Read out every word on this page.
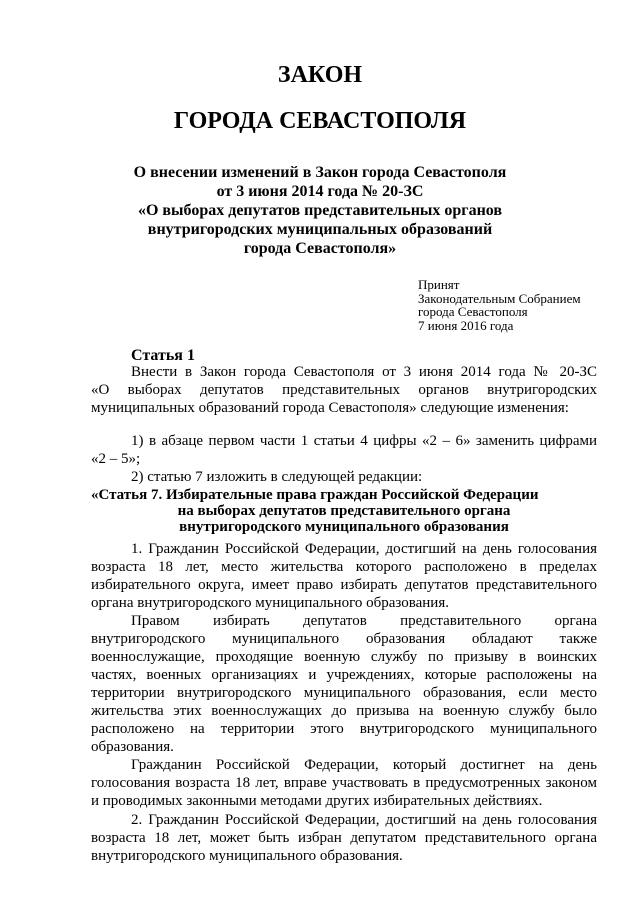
ЗАКОН
ГОРОДА СЕВАСТОПОЛЯ
О внесении изменений в Закон города Севастополя
от 3 июня 2014 года № 20-ЗС
«О выборах депутатов представительных органов
внутригородских муниципальных образований
города Севастополя»
Принят
Законодательным Собранием
города Севастополя
7 июня 2016 года
Статья 1
Внести в Закон города Севастополя от 3 июня 2014 года № 20-ЗС
«О выборах депутатов представительных органов внутригородских
муниципальных образований города Севастополя» следующие изменения:
1) в абзаце первом части 1 статьи 4 цифры «2 – 6» заменить цифрами
«2 – 5»;
2) статью 7 изложить в следующей редакции:
«Статья 7. Избирательные права граждан Российской Федерации
на выборах депутатов представительного органа
внутригородского муниципального образования
1. Гражданин Российской Федерации, достигший на день голосования
возраста 18 лет, место жительства которого расположено в пределах
избирательного округа, имеет право избирать депутатов представительного
органа внутригородского муниципального образования.
Правом избирать депутатов представительного органа
внутригородского муниципального образования обладают также
военнослужащие, проходящие военную службу по призыву в воинских
частях, военных организациях и учреждениях, которые расположены на
территории внутригородского муниципального образования, если место
жительства этих военнослужащих до призыва на военную службу было
расположено на территории этого внутригородского муниципального
образования.
Гражданин Российской Федерации, который достигнет на день
голосования возраста 18 лет, вправе участвовать в предусмотренных законом
и проводимых законными методами других избирательных действиях.
2. Гражданин Российской Федерации, достигший на день голосования
возраста 18 лет, может быть избран депутатом представительного органа
внутригородского муниципального образования.
